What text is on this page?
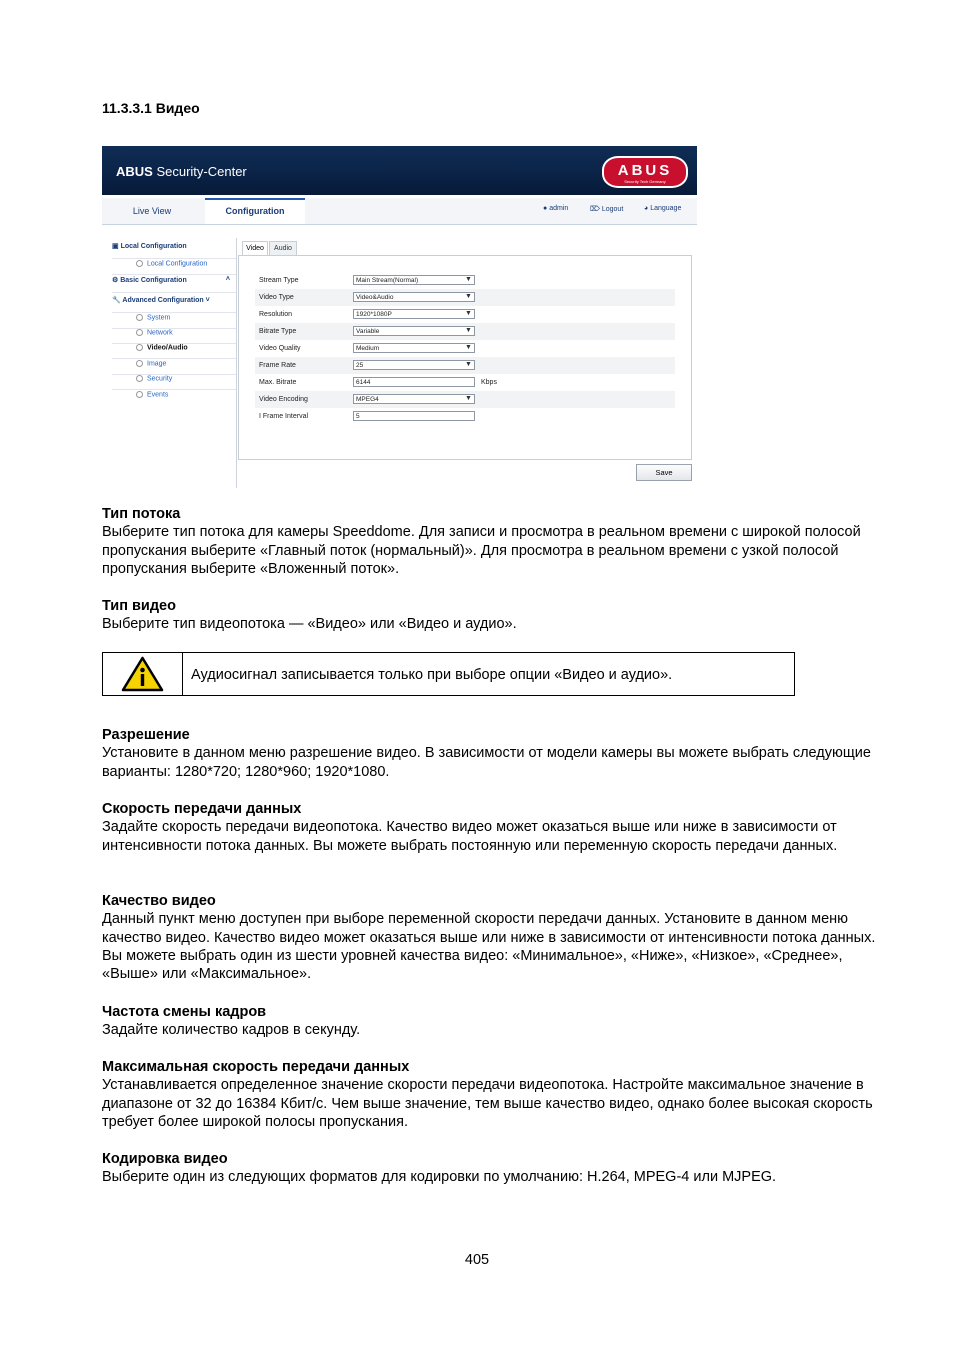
11.3.3.1 Видео
ABUS Security-Center	ABUS
Security Tech Germany
Live View	Configuration	● admin	⌦ Logout	◕ Language
▣ Local Configuration
Local Configuration
⚙ Basic Configuration	˄
🔧 Advanced Configuration ˅
System
Network
Video/Audio
Image
Security
Events
Video	Audio
Stream Type	Main Stream(Normal)	▼
Video Type	Video&Audio	▼
Resolution	1920*1080P	▼
Bitrate Type	Variable	▼
Video Quality	Medium	▼
Frame Rate	25	▼
Max. Bitrate	6144	Kbps
Video Encoding	MPEG4	▼
I Frame Interval	5
Save
Тип потока
Выберите тип потока для камеры Speeddome. Для записи и просмотра в реальном времени с широкой полосой пропускания выберите «Главный поток (нормальный)». Для просмотра в реальном времени с узкой полосой пропускания выберите «Вложенный поток».
Тип видео
Выберите тип видеопотока — «Видео» или «Видео и аудио».
Аудиосигнал записывается только при выборе опции «Видео и аудио».
Разрешение
Установите в данном меню разрешение видео. В зависимости от модели камеры вы можете выбрать следующие варианты: 1280*720; 1280*960; 1920*1080.
Скорость передачи данных
Задайте скорость передачи видеопотока. Качество видео может оказаться выше или ниже в зависимости от интенсивности потока данных. Вы можете выбрать постоянную или переменную скорость передачи данных.
Качество видео
Данный пункт меню доступен при выборе переменной скорости передачи данных. Установите в данном меню качество видео. Качество видео может оказаться выше или ниже в зависимости от интенсивности потока данных. Вы можете выбрать один из шести уровней качества видео: «Минимальное», «Ниже», «Низкое», «Среднее», «Выше» или «Максимальное».
Частота смены кадров
Задайте количество кадров в секунду.
Максимальная скорость передачи данных
Устанавливается определенное значение скорости передачи видеопотока. Настройте максимальное значение в диапазоне от 32 до 16384 Кбит/с. Чем выше значение, тем выше качество видео, однако более высокая скорость требует более широкой полосы пропускания.
Кодировка видео
Выберите один из следующих форматов для кодировки по умолчанию: H.264, MPEG-4 или MJPEG.
405
